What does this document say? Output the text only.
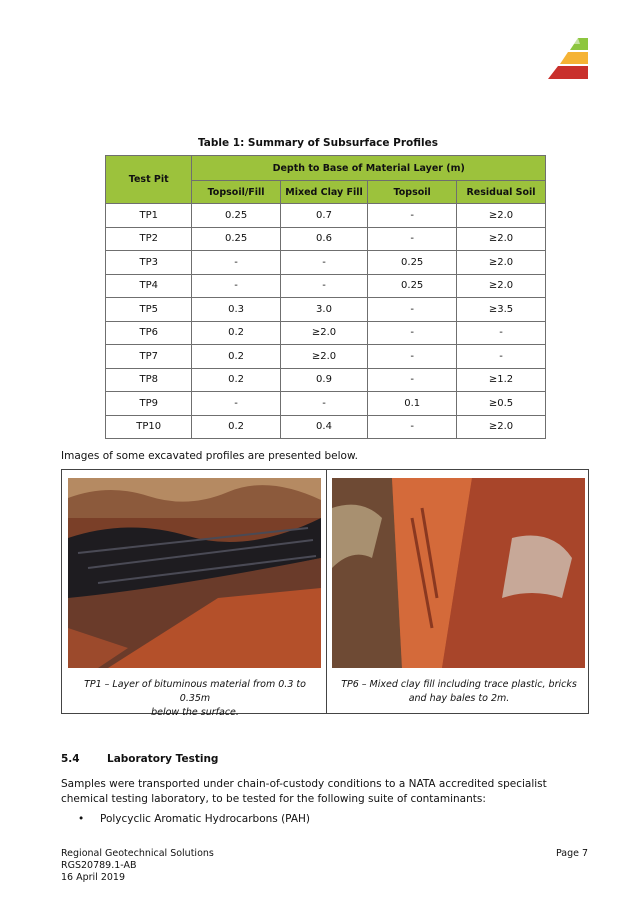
Table 1: Summary of Subsurface Profiles
Test Pit	Depth to Base of Material Layer (m)			
	Topsoil/Fill	Mixed Clay Fill	Topsoil	Residual Soil
TP1	0.25	0.7	-	≥2.0
TP2	0.25	0.6	-	≥2.0
TP3	-	-	0.25	≥2.0
TP4	-	-	0.25	≥2.0
TP5	0.3	3.0	-	≥3.5
TP6	0.2	≥2.0	-	-
TP7	0.2	≥2.0	-	-
TP8	0.2	0.9	-	≥1.2
TP9	-	-	0.1	≥0.5
TP10	0.2	0.4	-	≥2.0
Images of some excavated profiles are presented below.
TP1 – Layer of bituminous material from 0.3 to 0.35m
below the surface.
TP6 – Mixed clay fill including trace plastic, bricks
and hay bales to 2m.
5.4	Laboratory Testing
Samples were transported under chain-of-custody conditions to a NATA accredited specialist
chemical testing laboratory, to be tested for the following suite of contaminants:
• Polycyclic Aromatic Hydrocarbons (PAH)
Regional Geotechnical Solutions
RGS20789.1-AB
16 April 2019
Page 7
